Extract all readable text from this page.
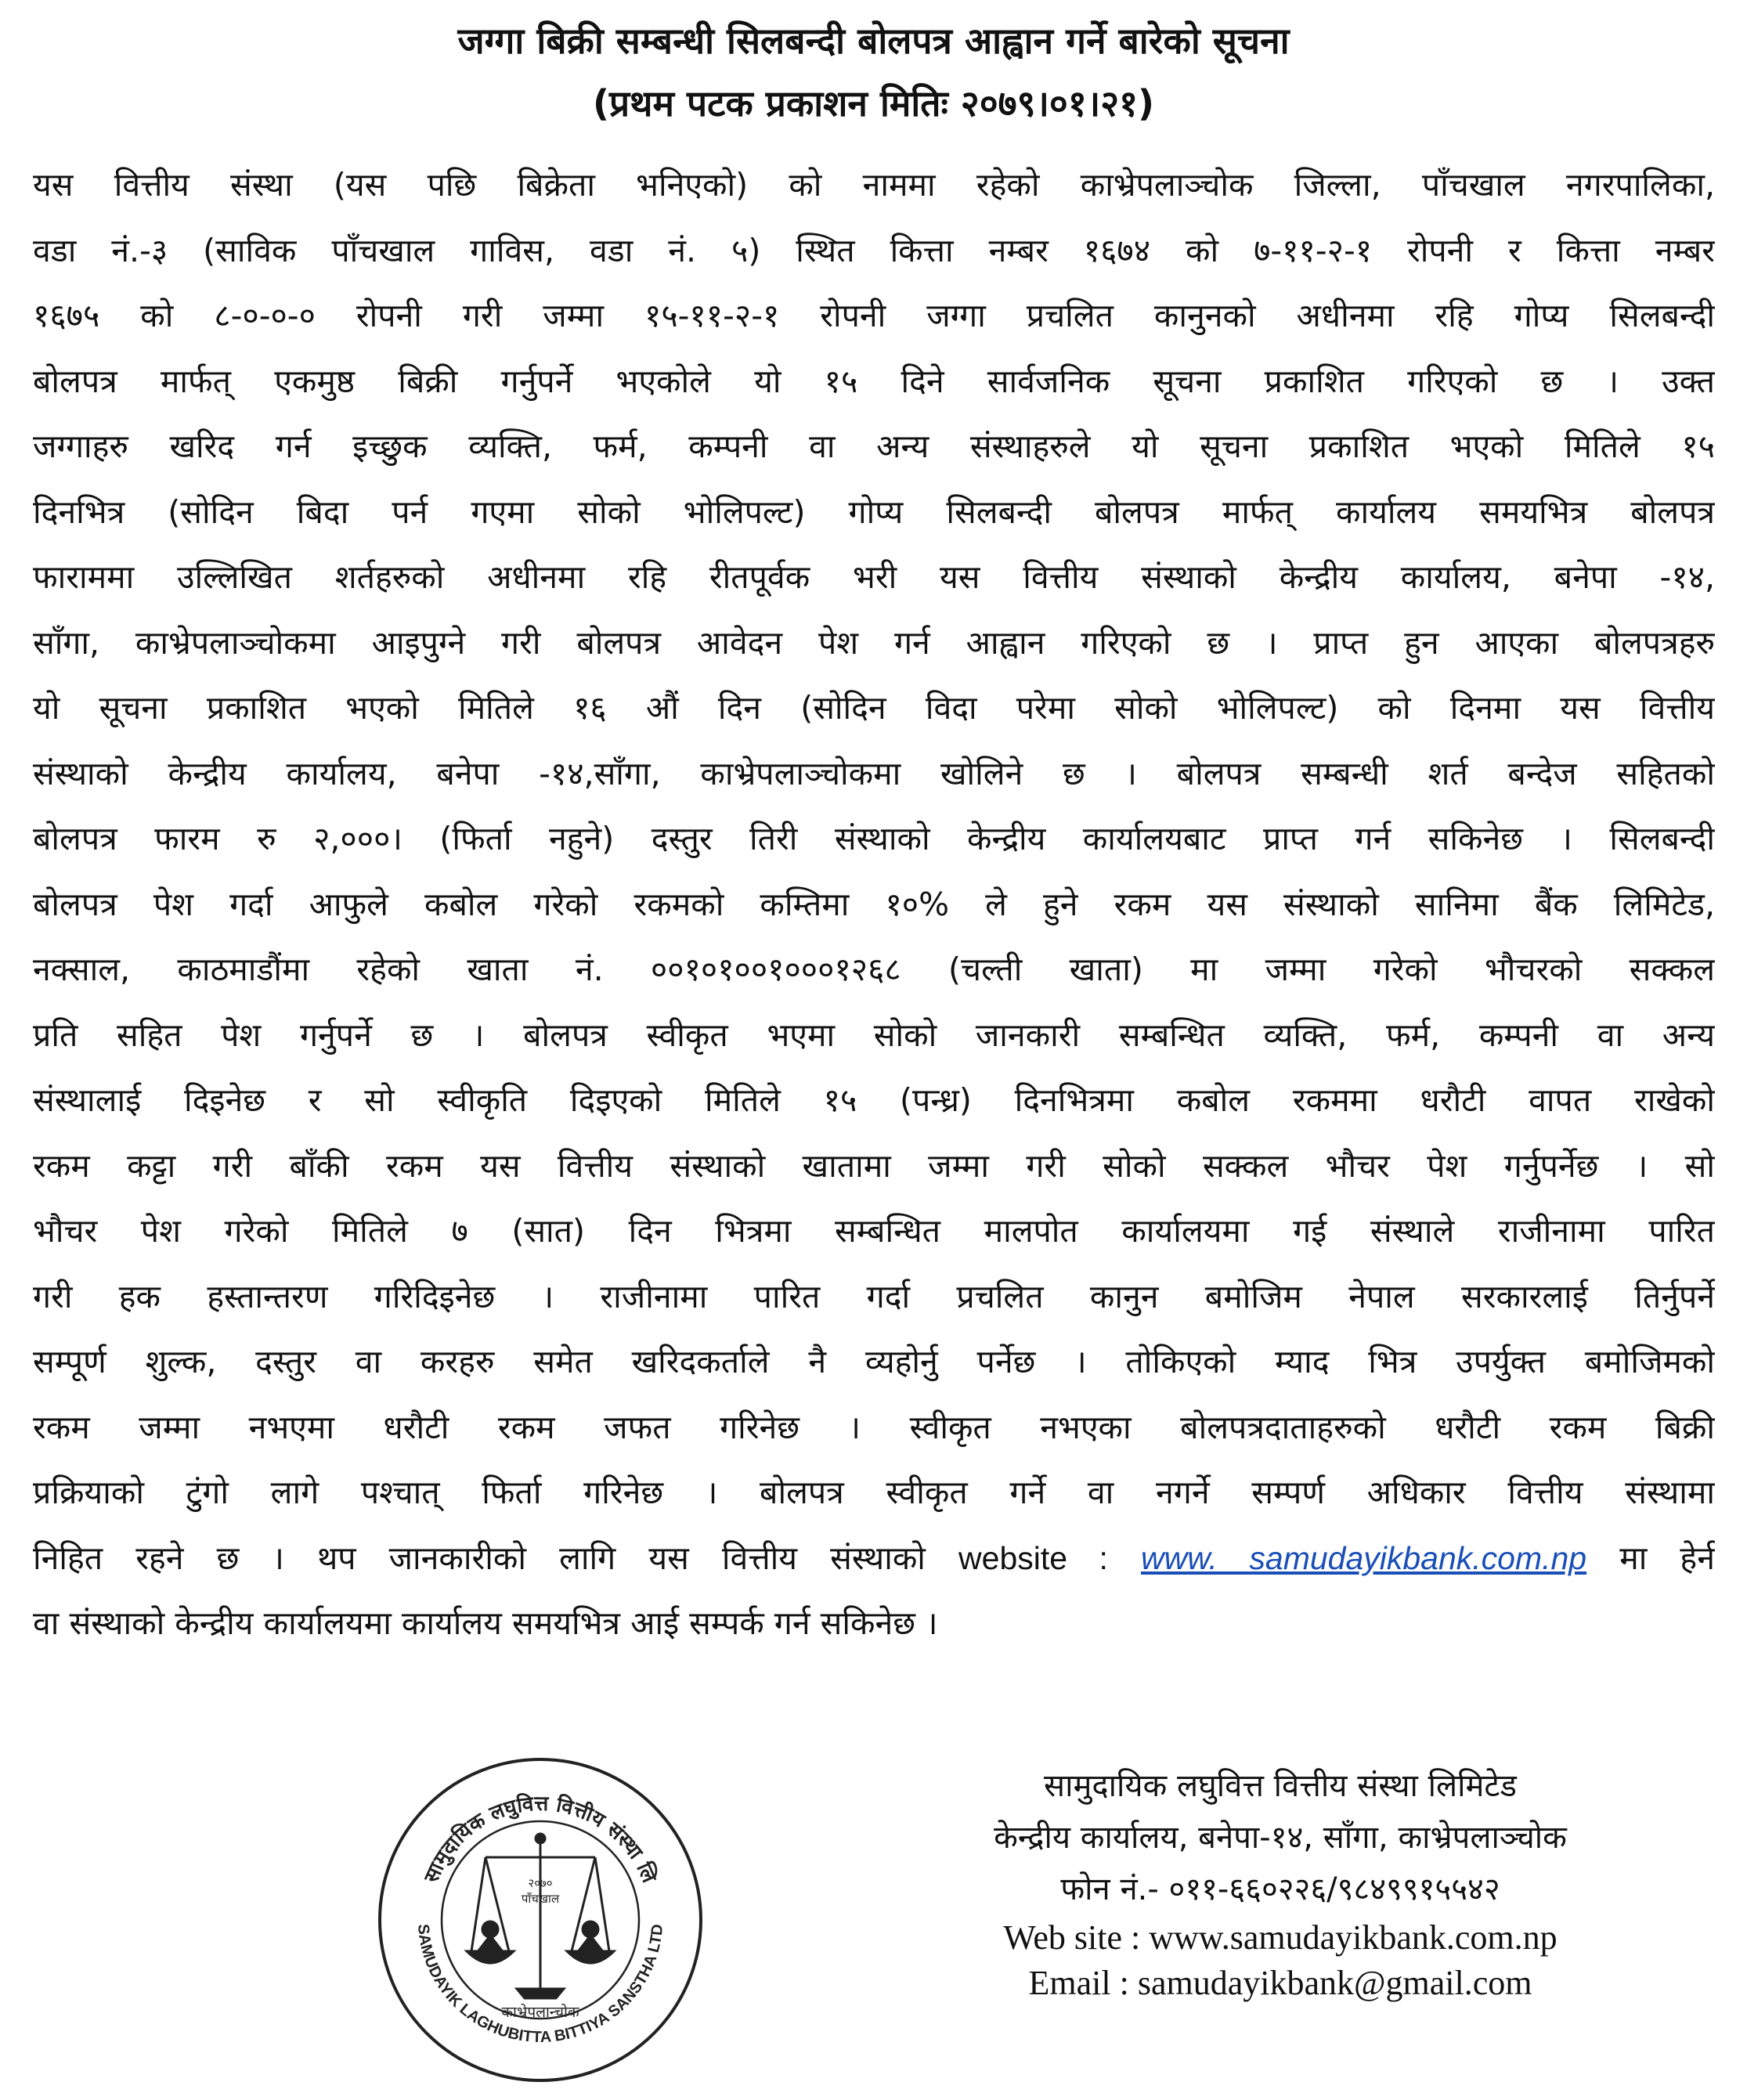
जग्गा बिक्री सम्बन्धी सिलबन्दी बोलपत्र आह्वान गर्ने बारेको सूचना
(प्रथम पटक प्रकाशन मितिः २०७९।०१।२१)
यस वित्तीय संस्था (यस पछि बिक्रेता भनिएको) को नाममा रहेको काभ्रेपलाञ्चोक जिल्ला, पाँचखाल नगरपालिका,
वडा नं.-३ (साविक पाँचखाल गाविस, वडा नं. ५) स्थित कित्ता नम्बर १६७४ को ७-११-२-१ रोपनी र कित्ता नम्बर
१६७५ को ८-०-०-० रोपनी गरी जम्मा १५-११-२-१ रोपनी जग्गा प्रचलित कानुनको अधीनमा रहि गोप्य सिलबन्दी
बोलपत्र मार्फत् एकमुष्ठ बिक्री गर्नुपर्ने भएकोले यो १५ दिने सार्वजनिक सूचना प्रकाशित गरिएको छ । उक्त
जग्गाहरु खरिद गर्न इच्छुक व्यक्ति, फर्म, कम्पनी वा अन्य संस्थाहरुले यो सूचना प्रकाशित भएको मितिले १५
दिनभित्र (सोदिन बिदा पर्न गएमा सोको भोलिपल्ट) गोप्य सिलबन्दी बोलपत्र मार्फत् कार्यालय समयभित्र बोलपत्र
फाराममा उल्लिखित शर्तहरुको अधीनमा रहि रीतपूर्वक भरी यस वित्तीय संस्थाको केन्द्रीय कार्यालय, बनेपा -१४,
साँगा, काभ्रेपलाञ्चोकमा आइपुग्ने गरी बोलपत्र आवेदन पेश गर्न आह्वान गरिएको छ । प्राप्त हुन आएका बोलपत्रहरु
यो सूचना प्रकाशित भएको मितिले १६ औं दिन (सोदिन विदा परेमा सोको भोलिपल्ट) को दिनमा यस वित्तीय
संस्थाको केन्द्रीय कार्यालय, बनेपा -१४,साँगा, काभ्रेपलाञ्चोकमा खोलिने छ । बोलपत्र सम्बन्धी शर्त बन्देज सहितको
बोलपत्र फारम रु २,०००। (फिर्ता नहुने) दस्तुर तिरी संस्थाको केन्द्रीय कार्यालयबाट प्राप्त गर्न सकिनेछ । सिलबन्दी
बोलपत्र पेश गर्दा आफुले कबोल गरेको रकमको कम्तिमा १०% ले हुने रकम यस संस्थाको सानिमा बैंक लिमिटेड,
नक्साल, काठमाडौंमा रहेको खाता नं. ००१०१००१०००१२६८ (चल्ती खाता) मा जम्मा गरेको भौचरको सक्कल
प्रति सहित पेश गर्नुपर्ने छ । बोलपत्र स्वीकृत भएमा सोको जानकारी सम्बन्धित व्यक्ति, फर्म, कम्पनी वा अन्य
संस्थालाई दिइनेछ र सो स्वीकृति दिइएको मितिले १५ (पन्ध्र) दिनभित्रमा कबोल रकममा धरौटी वापत राखेको
रकम कट्टा गरी बाँकी रकम यस वित्तीय संस्थाको खातामा जम्मा गरी सोको सक्कल भौचर पेश गर्नुपर्नेछ । सो
भौचर पेश गरेको मितिले ७ (सात) दिन भित्रमा सम्बन्धित मालपोत कार्यालयमा गई संस्थाले राजीनामा पारित
गरी हक हस्तान्तरण गरिदिइनेछ । राजीनामा पारित गर्दा प्रचलित कानुन बमोजिम नेपाल सरकारलाई तिर्नुपर्ने
सम्पूर्ण शुल्क, दस्तुर वा करहरु समेत खरिदकर्ताले नै व्यहोर्नु पर्नेछ । तोकिएको म्याद भित्र उपर्युक्त बमोजिमको
रकम जम्मा नभएमा धरौटी रकम जफत गरिनेछ । स्वीकृत नभएका बोलपत्रदाताहरुको धरौटी रकम बिक्री
प्रक्रियाको टुंगो लागे पश्चात् फिर्ता गरिनेछ । बोलपत्र स्वीकृत गर्ने वा नगर्ने सम्पर्ण अधिकार वित्तीय संस्थामा
निहित रहने छ । थप जानकारीको लागि यस वित्तीय संस्थाको website : www. samudayikbank.com.np मा हेर्न
वा संस्थाको केन्द्रीय कार्यालयमा कार्यालय समयभित्र आई सम्पर्क गर्न सकिनेछ ।
सामुदायिक लघुवित्त वित्तीय संस्था लि
SAMUDAYIK LAGHUBITTA BITTIYA SANSTHA LTD
२०७०
पाँचखाल
काभ्रेपलान्चोक
सामुदायिक लघुवित्त वित्तीय संस्था लिमिटेड
केन्द्रीय कार्यालय, बनेपा-१४, साँगा, काभ्रेपलाञ्चोक
फोन नं.- ०११-६६०२२६/९८४९९१५५४२
Web site : www.samudayikbank.com.np
Email : samudayikbank@gmail.com
